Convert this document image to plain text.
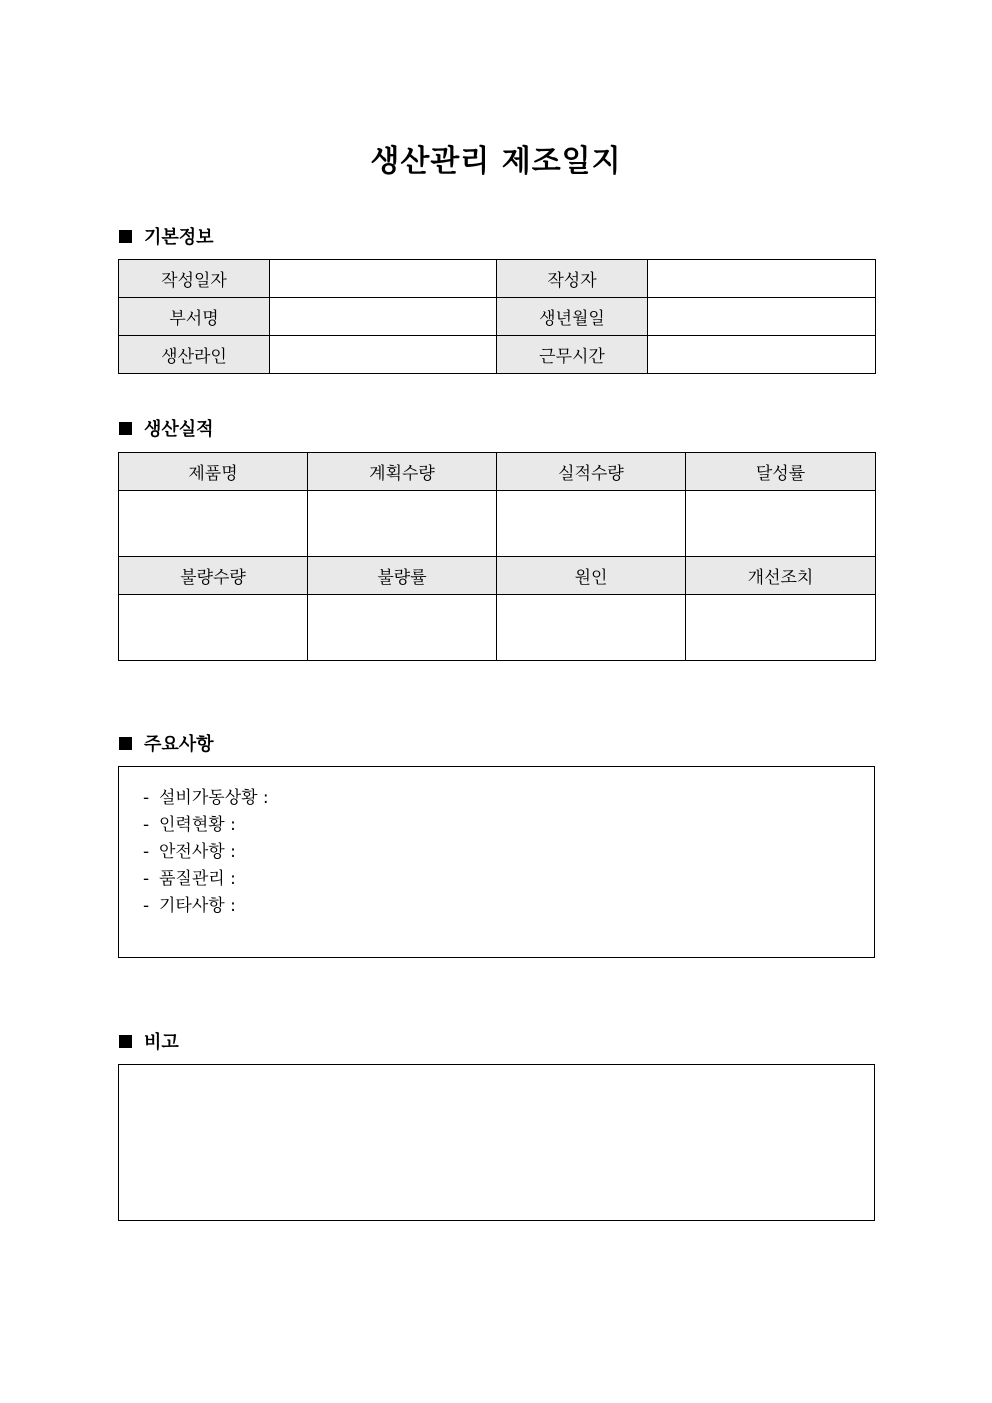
생산관리 제조일지
기본정보
작성일자		작성자	
부서명		생년월일	
생산라인		근무시간	
생산실적
제품명	계획수량	실적수량	달성률

불량수량	불량률	원인	개선조치

주요사항
- 설비가동상황 :
- 인력현황 :
- 안전사항 :
- 품질관리 :
- 기타사항 :
비고
